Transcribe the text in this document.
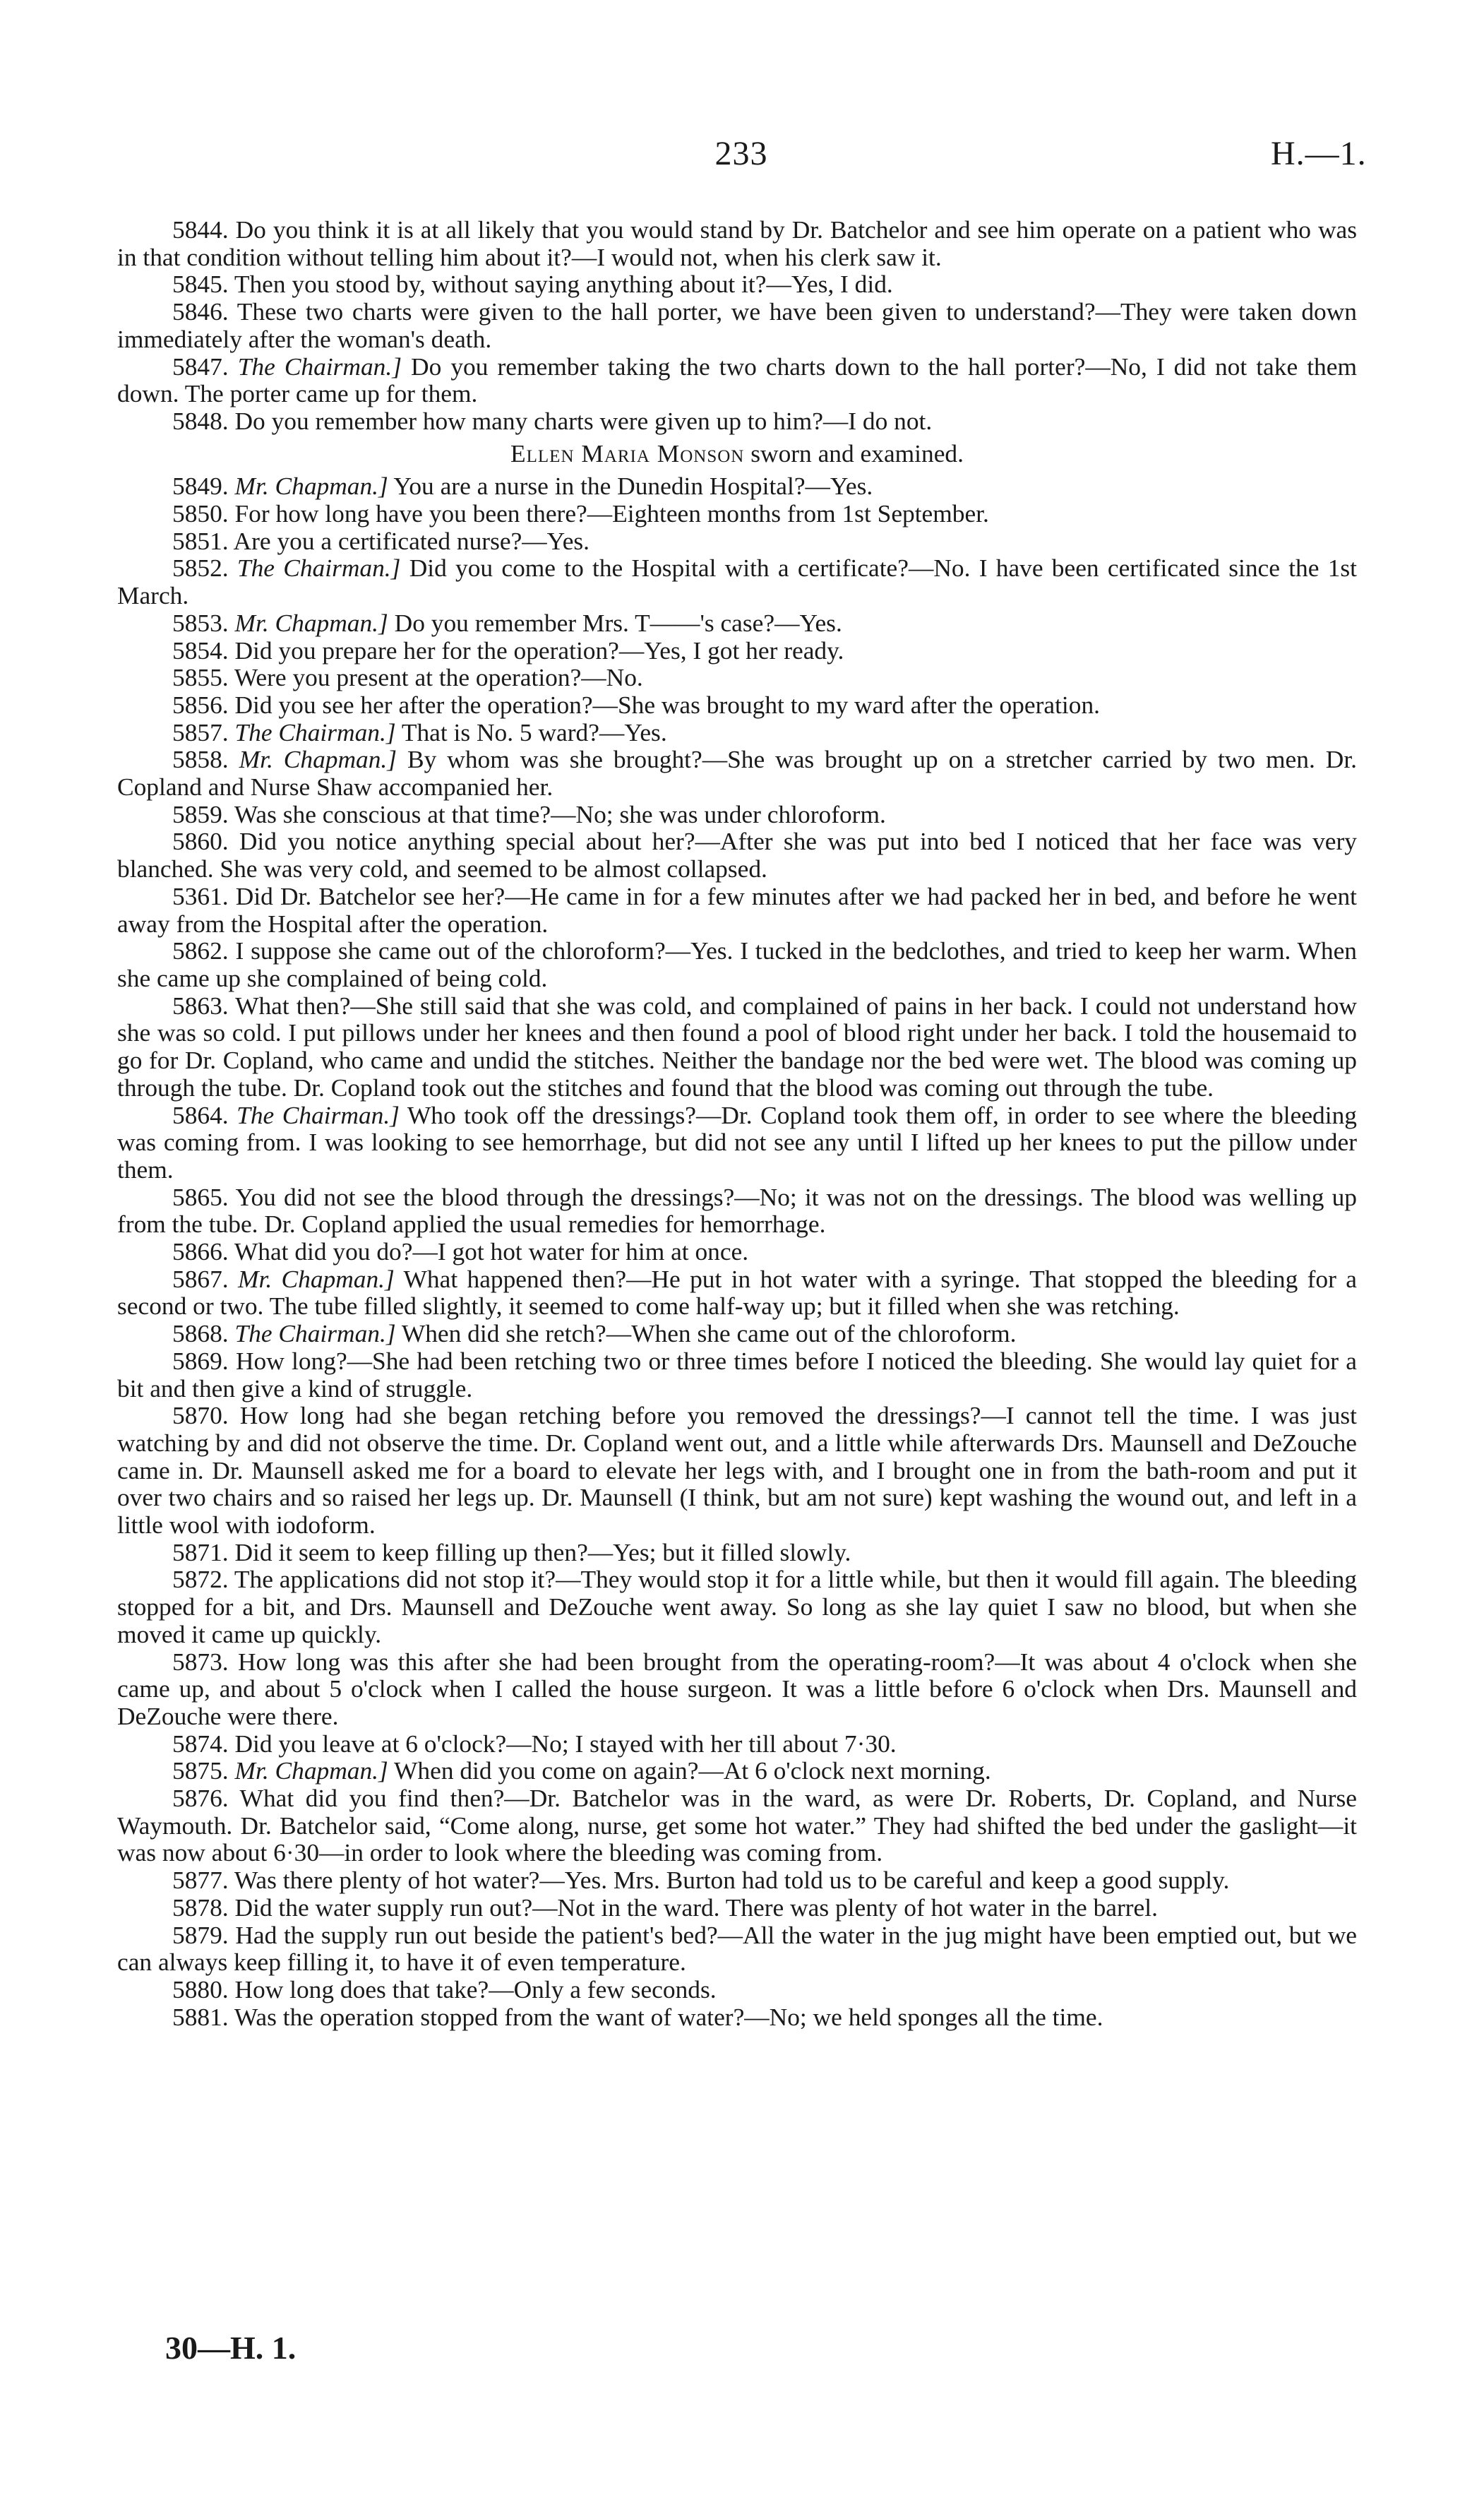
233	H.—1.

5844. Do you think it is at all likely that you would stand by Dr. Batchelor and see him operate on a patient who was in that condition without telling him about it?—I would not, when his clerk saw it.

5845. Then you stood by, without saying anything about it?—Yes, I did.

5846. These two charts were given to the hall porter, we have been given to understand?—They were taken down immediately after the woman's death.

5847. The Chairman.] Do you remember taking the two charts down to the hall porter?—No, I did not take them down. The porter came up for them.

5848. Do you remember how many charts were given up to him?—I do not.

Ellen Maria Monson sworn and examined.

5849. Mr. Chapman.] You are a nurse in the Dunedin Hospital?—Yes.

5850. For how long have you been there?—Eighteen months from 1st September.

5851. Are you a certificated nurse?—Yes.

5852. The Chairman.] Did you come to the Hospital with a certificate?—No. I have been certificated since the 1st March.

5853. Mr. Chapman.] Do you remember Mrs. T——'s case?—Yes.

5854. Did you prepare her for the operation?—Yes, I got her ready.

5855. Were you present at the operation?—No.

5856. Did you see her after the operation?—She was brought to my ward after the operation.

5857. The Chairman.] That is No. 5 ward?—Yes.

5858. Mr. Chapman.] By whom was she brought?—She was brought up on a stretcher carried by two men. Dr. Copland and Nurse Shaw accompanied her.

5859. Was she conscious at that time?—No; she was under chloroform.

5860. Did you notice anything special about her?—After she was put into bed I noticed that her face was very blanched. She was very cold, and seemed to be almost collapsed.

5361. Did Dr. Batchelor see her?—He came in for a few minutes after we had packed her in bed, and before he went away from the Hospital after the operation.

5862. I suppose she came out of the chloroform?—Yes. I tucked in the bedclothes, and tried to keep her warm. When she came up she complained of being cold.

5863. What then?—She still said that she was cold, and complained of pains in her back. I could not understand how she was so cold. I put pillows under her knees and then found a pool of blood right under her back. I told the housemaid to go for Dr. Copland, who came and undid the stitches. Neither the bandage nor the bed were wet. The blood was coming up through the tube. Dr. Copland took out the stitches and found that the blood was coming out through the tube.

5864. The Chairman.] Who took off the dressings?—Dr. Copland took them off, in order to see where the bleeding was coming from. I was looking to see hemorrhage, but did not see any until I lifted up her knees to put the pillow under them.

5865. You did not see the blood through the dressings?—No; it was not on the dressings. The blood was welling up from the tube. Dr. Copland applied the usual remedies for hemorrhage.

5866. What did you do?—I got hot water for him at once.

5867. Mr. Chapman.] What happened then?—He put in hot water with a syringe. That stopped the bleeding for a second or two. The tube filled slightly, it seemed to come half-way up; but it filled when she was retching.

5868. The Chairman.] When did she retch?—When she came out of the chloroform.

5869. How long?—She had been retching two or three times before I noticed the bleeding. She would lay quiet for a bit and then give a kind of struggle.

5870. How long had she began retching before you removed the dressings?—I cannot tell the time. I was just watching by and did not observe the time. Dr. Copland went out, and a little while afterwards Drs. Maunsell and DeZouche came in. Dr. Maunsell asked me for a board to elevate her legs with, and I brought one in from the bath-room and put it over two chairs and so raised her legs up. Dr. Maunsell (I think, but am not sure) kept washing the wound out, and left in a little wool with iodoform.

5871. Did it seem to keep filling up then?—Yes; but it filled slowly.

5872. The applications did not stop it?—They would stop it for a little while, but then it would fill again. The bleeding stopped for a bit, and Drs. Maunsell and DeZouche went away. So long as she lay quiet I saw no blood, but when she moved it came up quickly.

5873. How long was this after she had been brought from the operating-room?—It was about 4 o'clock when she came up, and about 5 o'clock when I called the house surgeon. It was a little before 6 o'clock when Drs. Maunsell and DeZouche were there.

5874. Did you leave at 6 o'clock?—No; I stayed with her till about 7·30.

5875. Mr. Chapman.] When did you come on again?—At 6 o'clock next morning.

5876. What did you find then?—Dr. Batchelor was in the ward, as were Dr. Roberts, Dr. Copland, and Nurse Waymouth. Dr. Batchelor said, “Come along, nurse, get some hot water.” They had shifted the bed under the gaslight—it was now about 6·30—in order to look where the bleeding was coming from.

5877. Was there plenty of hot water?—Yes. Mrs. Burton had told us to be careful and keep a good supply.

5878. Did the water supply run out?—Not in the ward. There was plenty of hot water in the barrel.

5879. Had the supply run out beside the patient's bed?—All the water in the jug might have been emptied out, but we can always keep filling it, to have it of even temperature.

5880. How long does that take?—Only a few seconds.

5881. Was the operation stopped from the want of water?—No; we held sponges all the time.

30—H. 1.
